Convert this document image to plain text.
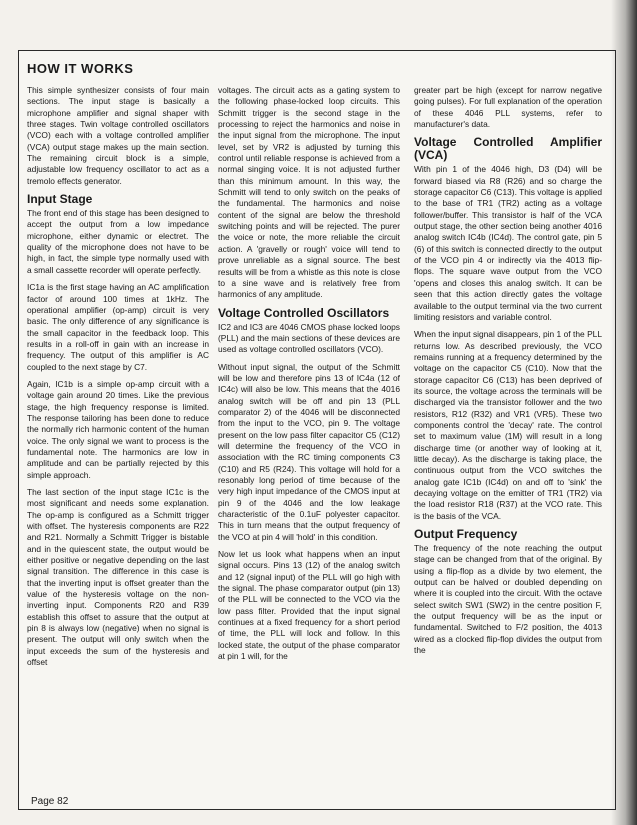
HOW IT WORKS

This simple synthesizer consists of four main sections. The input stage is basically a microphone amplifier and signal shaper with three stages. Twin voltage controlled oscillators (VCO) each with a voltage controlled amplifier (VCA) output stage makes up the main section. The remaining circuit block is a simple, adjustable low frequency oscillator to act as a tremolo effects generator.

Input Stage

The front end of this stage has been designed to accept the output from a low impedance microphone, either dynamic or electret. The quality of the microphone does not have to be high, in fact, the simple type normally used with a small cassette recorder will operate perfectly.

IC1a is the first stage having an AC amplification factor of around 100 times at 1kHz. The operational amplifier (op-amp) circuit is very basic. The only difference of any significance is the small capacitor in the feedback loop. This results in a roll-off in gain with an increase in frequency. The output of this amplifier is AC coupled to the next stage by C7.

Again, IC1b is a simple op-amp circuit with a voltage gain around 20 times. Like the previous stage, the high frequency response is limited. The response tailoring has been done to reduce the normally rich harmonic content of the human voice. The only signal we want to process is the fundamental note. The harmonics are low in amplitude and can be partially rejected by this simple approach.

The last section of the input stage IC1c is the most significant and needs some explanation. The op-amp is configured as a Schmitt trigger with offset. The hysteresis components are R22 and R21. Normally a Schmitt Trigger is bistable and in the quiescent state, the output would be either positive or negative depending on the last signal transition. The difference in this case is that the inverting input is offset greater than the value of the hysteresis voltage on the non-inverting input. Components R20 and R39 establish this offset to assure that the output at pin 8 is always low (negative) when no signal is present. The output will only switch when the input exceeds the sum of the hysteresis and offset

voltages. The circuit acts as a gating system to the following phase-locked loop circuits. This Schmitt trigger is the second stage in the processing to reject the harmonics and noise in the input signal from the microphone. The input level, set by VR2 is adjusted by turning this control until reliable response is achieved from a normal singing voice. It is not adjusted further than this minimum amount. In this way, the Schmitt will tend to only switch on the peaks of the fundamental. The harmonics and noise content of the signal are below the threshold switching points and will be rejected. The purer the voice or note, the more reliable the circuit action. A 'gravelly or rough' voice will tend to prove unreliable as a signal source. The best results will be from a whistle as this note is close to a sine wave and is relatively free from harmonics of any amplitude.

Voltage Controlled Oscillators

IC2 and IC3 are 4046 CMOS phase locked loops (PLL) and the main sections of these devices are used as voltage controlled oscillators (VCO).

Without input signal, the output of the Schmitt will be low and therefore pins 13 of IC4a (12 of IC4c) will also be low. This means that the 4016 analog switch will be off and pin 13 (PLL comparator 2) of the 4046 will be disconnected from the input to the VCO, pin 9. The voltage present on the low pass filter capacitor C5 (C12) will determine the frequency of the VCO in association with the RC timing components C3 (C10) and R5 (R24). This voltage will hold for a resonably long period of time because of the very high input impedance of the CMOS input at pin 9 of the 4046 and the low leakage characteristic of the 0.1uF polyester capacitor. This in turn means that the output frequency of the VCO at pin 4 will 'hold' in this condition.

Now let us look what happens when an input signal occurs. Pins 13 (12) of the analog switch and 12 (signal input) of the PLL will go high with the signal. The phase comparator output (pin 13) of the PLL will be connected to the VCO via the low pass filter. Provided that the input signal continues at a fixed frequency for a short period of time, the PLL will lock and follow. In this locked state, the output of the phase comparator at pin 1 will, for the

greater part be high (except for narrow negative going pulses). For full explanation of the operation of these 4046 PLL systems, refer to manufacturer's data.

Voltage Controlled Amplifier (VCA)

With pin 1 of the 4046 high, D3 (D4) will be forward biased via R8 (R26) and so charge the storage capacitor C6 (C13). This voltage is applied to the base of TR1 (TR2) acting as a voltage follower/buffer. This transistor is half of the VCA output stage, the other section being another 4016 analog switch IC4b (IC4d). The control gate, pin 5 (6) of this switch is connected directly to the output of the VCO pin 4 or indirectly via the 4013 flip-flops. The square wave output from the VCO 'opens and closes this analog switch. It can be seen that this action directly gates the voltage available to the output terminal via the two current limiting resistors and variable control.

When the input signal disappears, pin 1 of the PLL returns low. As described previously, the VCO remains running at a frequency determined by the voltage on the capacitor C5 (C10). Now that the storage capacitor C6 (C13) has been deprived of its source, the voltage across the terminals will be discharged via the transistor follower and the two resistors, R12 (R32) and VR1 (VR5). These two components control the 'decay' rate. The control set to maximum value (1M) will result in a long discharge time (or another way of looking at it, little decay). As the discharge is taking place, the continuous output from the VCO switches the analog gate IC1b (IC4d) on and off to 'sink' the decaying voltage on the emitter of TR1 (TR2) via the load resistor R18 (R37) at the VCO rate. This is the basis of the VCA.

Output Frequency

The frequency of the note reaching the output stage can be changed from that of the original. By using a flip-flop as a divide by two element, the output can be halved or doubled depending on where it is coupled into the circuit. With the octave select switch SW1 (SW2) in the centre position F, the output frequency will be as the input or fundamental. Switched to F/2 position, the 4013 wired as a clocked flip-flop divides the output from the

Page 82
